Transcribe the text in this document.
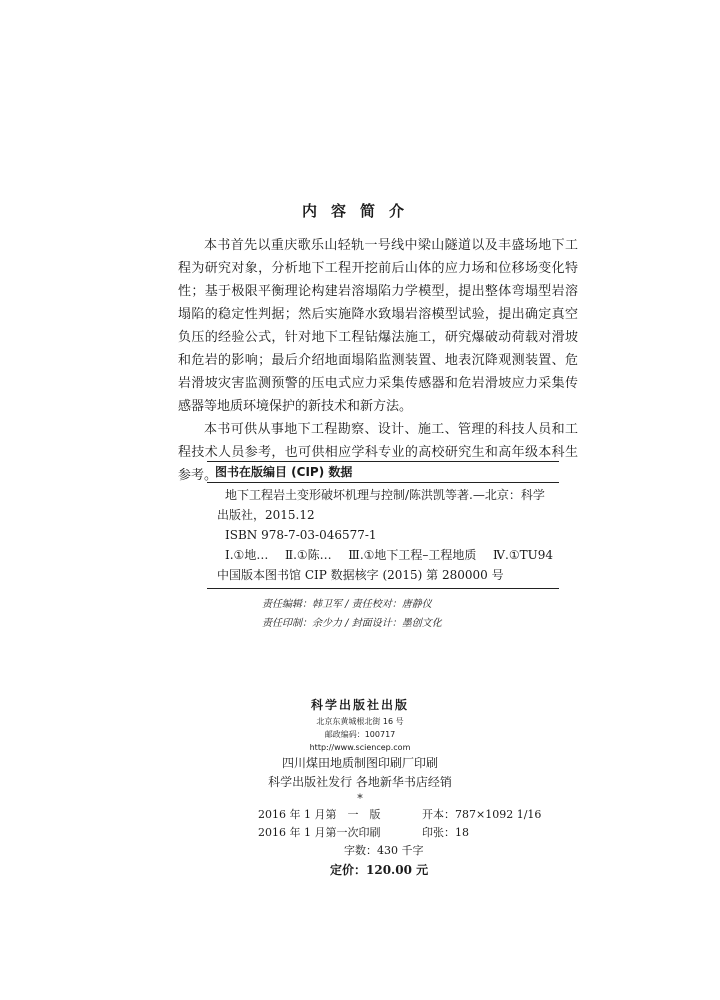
内容简介

本书首先以重庆歌乐山轻轨一号线中梁山隧道以及丰盛场地下工程为研究对象，分析地下工程开挖前后山体的应力场和位移场变化特性；基于极限平衡理论构建岩溶塌陷力学模型，提出整体弯塌型岩溶塌陷的稳定性判据；然后实施降水致塌岩溶模型试验，提出确定真空负压的经验公式，针对地下工程钻爆法施工，研究爆破动荷载对滑坡和危岩的影响；最后介绍地面塌陷监测装置、地表沉降观测装置、危岩滑坡灾害监测预警的压电式应力采集传感器和危岩滑坡应力采集传感器等地质环境保护的新技术和新方法。

本书可供从事地下工程勘察、设计、施工、管理的科技人员和工程技术人员参考，也可供相应学科专业的高校研究生和高年级本科生参考。

图书在版编目 (CIP) 数据
地下工程岩土变形破坏机理与控制/陈洪凯等著.—北京：科学
出版社，2015.12
ISBN 978-7-03-046577-1
Ⅰ.①地… Ⅱ.①陈… Ⅲ.①地下工程–工程地质 Ⅳ.①TU94
中国版本图书馆 CIP 数据核字 (2015) 第 280000 号
责任编辑：韩卫军 / 责任校对：唐静仪
责任印制：余少力 / 封面设计：墨创文化
科学出版社出版
北京东黄城根北街 16 号
邮政编码：100717
http://www.sciencep.com
四川煤田地质制图印刷厂印刷
科学出版社发行 各地新华书店经销
*
2016 年 1 月第　一　版	开本：787×1092 1/16
2016 年 1 月第一次印刷	印张：18
字数：430 千字
定价：120.00 元
